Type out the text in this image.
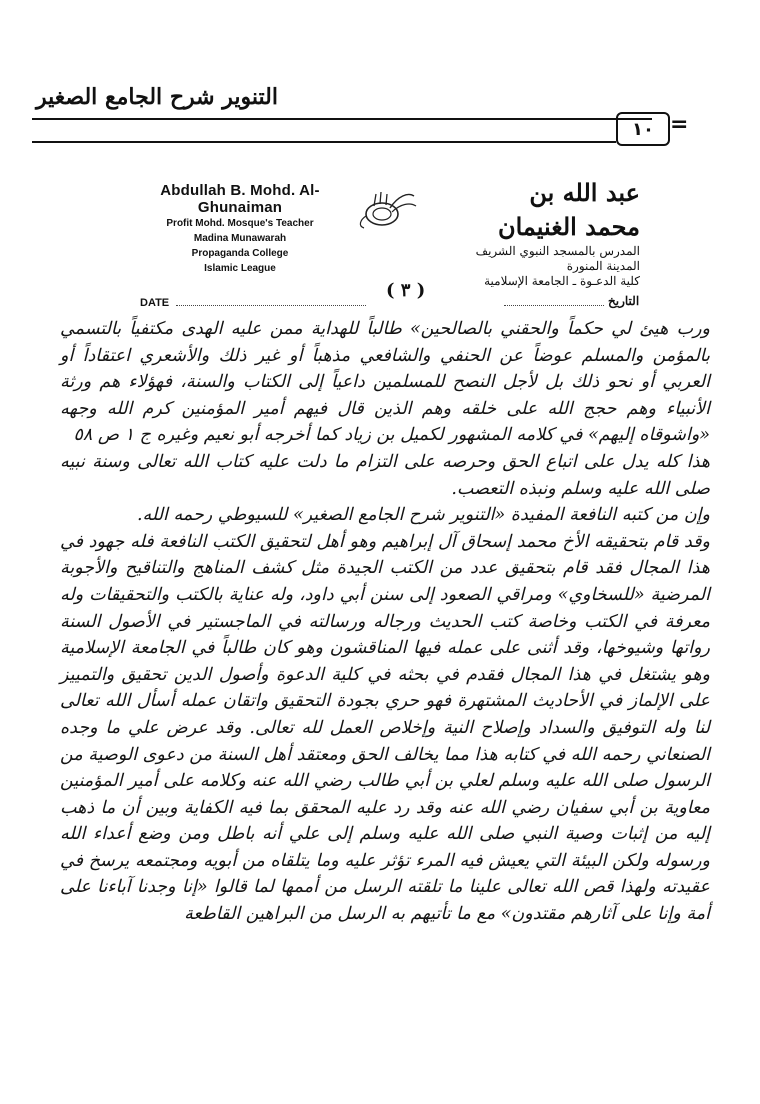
التنوير شرح الجامع الصغير
١٠ =
Abdullah B. Mohd. Al-Ghunaiman
Profit Mohd. Mosque's Teacher
Madina Munawarah
Propaganda College
Islamic League
عبد الله بن محمد الغنيمان
المدرس بالمسجد النبوي الشريف
المدينة المنورة
كلية الدعـوة ـ الجامعة الإسلامية
( ٣ )
DATE	التاريخ

ورب هيئ لي حكماً والحقني بالصالحين» طالباً للهداية ممن عليه الهدى مكتفياً بالتسمي بالمؤمن والمسلم عوضاً عن الحنفي والشافعي مذهباً أو غير ذلك والأشعري اعتقاداً أو العربي أو نحو ذلك بل لأجل النصح للمسلمين داعياً إلى الكتاب والسنة، فهؤلاء هم ورثة الأنبياء وهم حجج الله على خلقه وهم الذين قال فيهم أمير المؤمنين كرم الله وجهه «واشوقاه إليهم» في كلامه المشهور لكميل بن زياد كما أخرجه أبو نعيم وغيره ج ١ ص ٥٨

هذا كله يدل على اتباع الحق وحرصه على التزام ما دلت عليه كتاب الله تعالى وسنة نبيه صلى الله عليه وسلم ونبذه التعصب.

وإن من كتبه النافعة المفيدة «التنوير شرح الجامع الصغير» للسيوطي رحمه الله.

وقد قام بتحقيقه الأخ محمد إسحاق آل إبراهيم وهو أهل لتحقيق الكتب النافعة فله جهود في هذا المجال فقد قام بتحقيق عدد من الكتب الجيدة مثل كشف المناهج والتناقيح والأجوبة المرضية «للسخاوي» ومراقي الصعود إلى سنن أبي داود، وله عناية بالكتب والتحقيقات وله معرفة في الكتب وخاصة كتب الحديث ورجاله ورسالته في الماجستير في الأصول السنة رواتها وشيوخها، وقد أثنى على عمله فيها المناقشون وهو كان طالباً في الجامعة الإسلامية وهو يشتغل في هذا المجال فقدم في بحثه في كلية الدعوة وأصول الدين تحقيق والتمييز على الإلماز في الأحاديث المشتهرة فهو حري بجودة التحقيق واتقان عمله أسأل الله تعالى لنا وله التوفيق والسداد وإصلاح النية وإخلاص العمل لله تعالى. وقد عرض علي ما وجده الصنعاني رحمه الله في كتابه هذا مما يخالف الحق ومعتقد أهل السنة من دعوى الوصية من الرسول صلى الله عليه وسلم لعلي بن أبي طالب رضي الله عنه وكلامه على أمير المؤمنين معاوية بن أبي سفيان رضي الله عنه وقد رد عليه المحقق بما فيه الكفاية وبين أن ما ذهب إليه من إثبات وصية النبي صلى الله عليه وسلم إلى علي أنه باطل ومن وضع أعداء الله ورسوله ولكن البيئة التي يعيش فيه المرء تؤثر عليه وما يتلقاه من أبويه ومجتمعه يرسخ في عقيدته ولهذا قص الله تعالى علينا ما تلقته الرسل من أممها لما قالوا «إنا وجدنا آباءنا على أمة وإنا على آثارهم مقتدون» مع ما تأتيهم به الرسل من البراهين القاطعة
